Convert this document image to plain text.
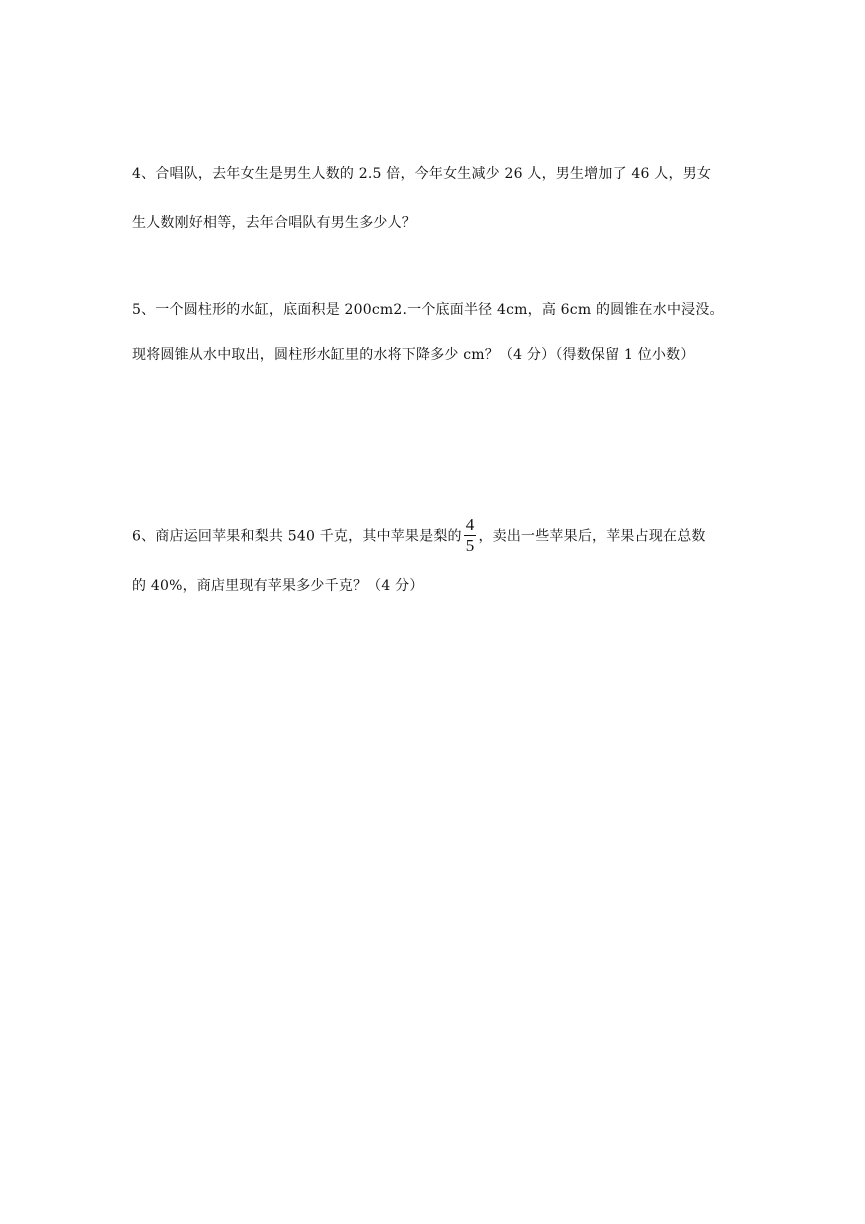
4、合唱队，去年女生是男生人数的 2.5 倍，今年女生减少 26 人，男生增加了 46 人，男女
生人数刚好相等，去年合唱队有男生多少人？
5、一个圆柱形的水缸，底面积是 200cm2.一个底面半径 4cm，高 6cm 的圆锥在水中浸没。
现将圆锥从水中取出，圆柱形水缸里的水将下降多少 cm？（4 分）（得数保留 1 位小数）
6、商店运回苹果和梨共 540 千克，其中苹果是梨的 $\frac{4}{5}$ ，卖出一些苹果后，苹果占现在总数
的 40%，商店里现有苹果多少千克？（4 分）
